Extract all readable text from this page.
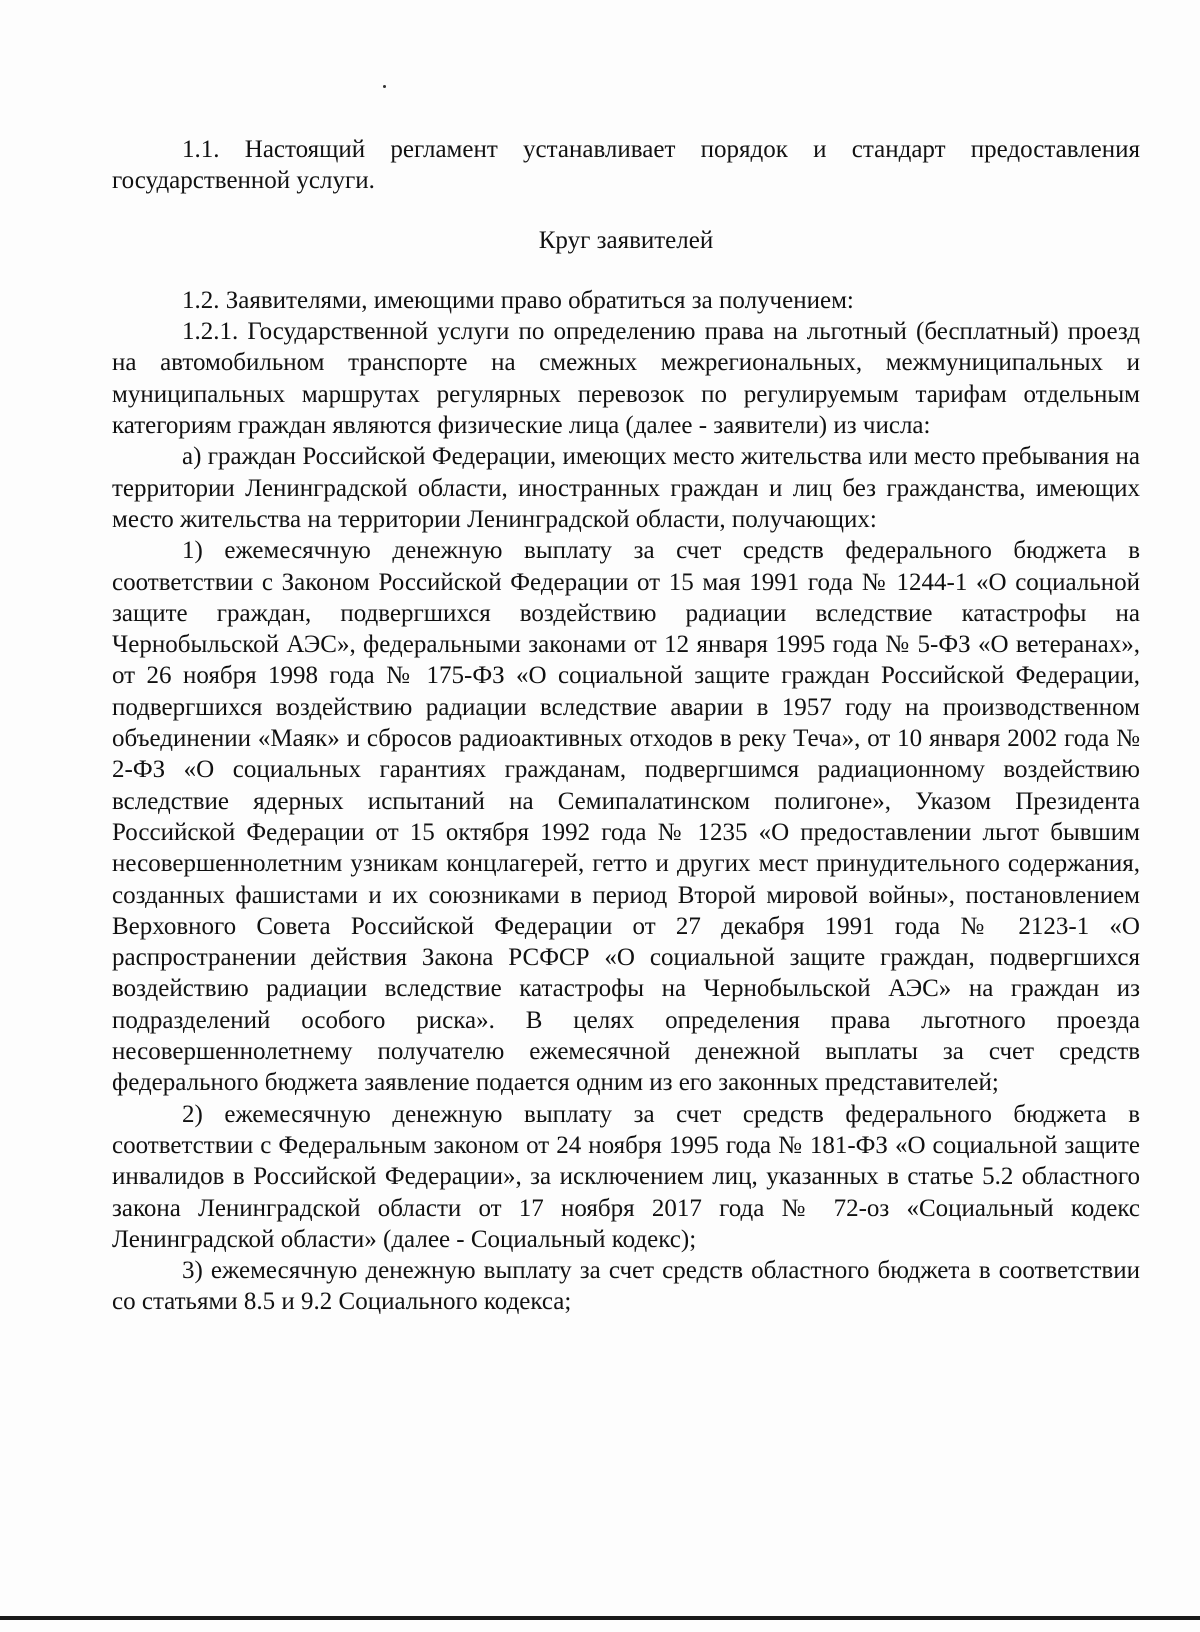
1.1. Настоящий регламент устанавливает порядок и стандарт предоставления государственной услуги.

Круг заявителей

1.2. Заявителями, имеющими право обратиться за получением:

1.2.1. Государственной услуги по определению права на льготный (бесплатный) проезд на автомобильном транспорте на смежных межрегиональных, межмуниципальных и муниципальных маршрутах регулярных перевозок по регулируемым тарифам отдельным категориям граждан являются физические лица (далее - заявители) из числа:

а) граждан Российской Федерации, имеющих место жительства или место пребывания на территории Ленинградской области, иностранных граждан и лиц без гражданства, имеющих место жительства на территории Ленинградской области, получающих:

1) ежемесячную денежную выплату за счет средств федерального бюджета в соответствии с Законом Российской Федерации от 15 мая 1991 года № 1244-1 «О социальной защите граждан, подвергшихся воздействию радиации вследствие катастрофы на Чернобыльской АЭС», федеральными законами от 12 января 1995 года № 5-ФЗ «О ветеранах», от 26 ноября 1998 года № 175-ФЗ «О социальной защите граждан Российской Федерации, подвергшихся воздействию радиации вследствие аварии в 1957 году на производственном объединении «Маяк» и сбросов радиоактивных отходов в реку Теча», от 10 января 2002 года № 2-ФЗ «О социальных гарантиях гражданам, подвергшимся радиационному воздействию вследствие ядерных испытаний на Семипалатинском полигоне», Указом Президента Российской Федерации от 15 октября 1992 года № 1235 «О предоставлении льгот бывшим несовершеннолетним узникам концлагерей, гетто и других мест принудительного содержания, созданных фашистами и их союзниками в период Второй мировой войны», постановлением Верховного Совета Российской Федерации от 27 декабря 1991 года № 2123-1 «О распространении действия Закона РСФСР «О социальной защите граждан, подвергшихся воздействию радиации вследствие катастрофы на Чернобыльской АЭС» на граждан из подразделений особого риска». В целях определения права льготного проезда несовершеннолетнему получателю ежемесячной денежной выплаты за счет средств федерального бюджета заявление подается одним из его законных представителей;

2) ежемесячную денежную выплату за счет средств федерального бюджета в соответствии с Федеральным законом от 24 ноября 1995 года № 181-ФЗ «О социальной защите инвалидов в Российской Федерации», за исключением лиц, указанных в статье 5.2 областного закона Ленинградской области от 17 ноября 2017 года № 72-оз «Социальный кодекс Ленинградской области» (далее - Социальный кодекс);

3) ежемесячную денежную выплату за счет средств областного бюджета в соответствии со статьями 8.5 и 9.2 Социального кодекса;
